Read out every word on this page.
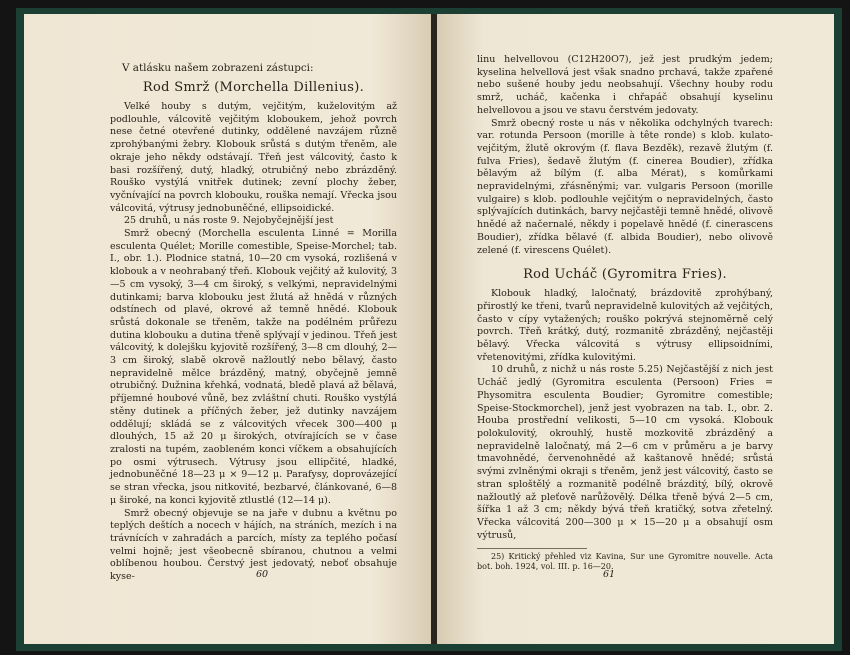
V atlásku našem zobrazeni zástupci:

Rod Smrž (Morchella Dillenius).

Velké houby s dutým, vejčitým, kuželovitým až podlouhle, válcovitě vejčitým kloboukem, jehož povrch nese četné otevřené dutinky, oddělené navzájem různě zprohýbanými žebry. Klobouk srůstá s dutým třeněm, ale okraje jeho někdy odstávají. Třeň jest válcovitý, často k basi rozšířený, dutý, hladký, otrubičný nebo zbrázděný. Rouško vystýlá vnitřek dutinek; zevní plochy žeber, vyčnívající na povrch klobouku, rouška nemají. Vřecka jsou válcovitá, výtrusy jednobuněčné, ellipsoidické.

25 druhů, u nás roste 9. Nejobyčejnější jest

Smrž obecný (Morchella esculenta Linné = Morilla esculenta Quélet; Morille comestible, Speise-Morchel; tab. I., obr. 1.). Plodnice statná, 10—20 cm vysoká, rozlišená v klobouk a v neohrabaný třeň. Klobouk vejčitý až kulovitý, 3—5 cm vysoký, 3—4 cm široký, s velkými, nepravidelnými dutinkami; barva klobouku jest žlutá až hnědá v různých odstínech od plavé, okrové až temně hnědé. Klobouk srůstá dokonale se třeněm, takže na podélném průřezu dutina klobouku a dutina třeně splývají v jedinou. Třeň jest válcovitý, k dolejšku kyjovitě rozšířený, 3—8 cm dlouhý, 2—3 cm široký, slabě okrově nažloutlý nebo bělavý, často nepravidelně mělce brázděný, matný, obyčejně jemně otrubičný. Dužnina křehká, vodnatá, bledě plavá až bělavá, příjemné houbové vůně, bez zvláštní chuti. Rouško vystýlá stěny dutinek a příčných žeber, jež dutinky navzájem oddělují; skládá se z válcovitých vřecek 300—400 μ dlouhých, 15 až 20 μ širokých, otvírajících se v čase zralosti na tupém, zaobleném konci víčkem a obsahujících po osmi výtrusech. Výtrusy jsou ellipčité, hladké, jednobuněčné 18—23 μ × 9—12 μ. Parafysy, doprovázející se stran vřecka, jsou nitkovité, bezbarvé, článkované, 6—8 μ široké, na konci kyjovitě ztlustlé (12—14 μ).

Smrž obecný objevuje se na jaře v dubnu a květnu po teplých deštích a nocech v hájích, na stráních, mezích i na trávnících v zahradách a parcích, místy za teplého počasí velmi hojně; jest všeobecně sbíranou, chutnou a velmi oblíbenou houbou. Čerstvý jest jedovatý, neboť obsahuje kyse-	60

linu helvellovou (C12H20O7), jež jest prudkým jedem; kyselina helvellová jest však snadno prchavá, takže zpařené nebo sušené houby jedu neobsahují. Všechny houby rodu smrž, ucháč, kačenka i chřapáč obsahují kyselinu helvellovou a jsou ve stavu čerstvém jedovaty.

Smrž obecný roste u nás v několika odchylných tvarech: var. rotunda Persoon (morille à tête ronde) s klob. kulato-vejčitým, žlutě okrovým (f. flava Bezděk), rezavě žlutým (f. fulva Fries), šedavě žlutým (f. cinerea Boudier), zřídka bělavým až bílým (f. alba Mérat), s komůrkami nepravidelnými, zřásněnými; var. vulgaris Persoon (morille vulgaire) s klob. podlouhle vejčitým o nepravidelných, často splývajících dutinkách, barvy nejčastěji temně hnědé, olivově hnědé až načernalé, někdy i popelavě hnědé (f. cinerascens Boudier), zřídka bělavé (f. albida Boudier), nebo olivově zelené (f. virescens Quélet).

Rod Ucháč (Gyromitra Fries).

Klobouk hladký, laločnatý, brázdovitě zprohýbaný, přirostlý ke třeni, tvarů nepravidelně kulovitých až vejčitých, často v cípy vytažených; rouško pokrývá stejnoměrně celý povrch. Třeň krátký, dutý, rozmanitě zbrázděný, nejčastěji bělavý. Vřecka válcovitá s výtrusy ellipsoidními, vřetenovitými, zřídka kulovitými.

10 druhů, z nichž u nás roste 5.25) Nejčastější z nich jest Ucháč jedlý (Gyromitra esculenta (Persoon) Fries = Physomitra esculenta Boudier; Gyromitre comestible; Speise-Stockmorchel), jenž jest vyobrazen na tab. I., obr. 2. Houba prostřední velikosti, 5—10 cm vysoká. Klobouk polokulovitý, okrouhlý, hustě mozkovitě zbrázděný a nepravidelně laločnatý, má 2—6 cm v průměru a je barvy tmavohnědé, červenohnědé až kaštanově hnědé; srůstá svými zvlněnými okraji s třeněm, jenž jest válcovitý, často se stran sploštělý a rozmanitě podélně brázditý, bílý, okrově nažloutlý až pleťově narůžovělý. Délka třeně bývá 2—5 cm, šířka 1 až 3 cm; někdy bývá třeň kratičký, sotva zřetelný. Vřecka válcovitá 200—300 μ × 15—20 μ a obsahují osm výtrusů,

25) Kritický přehled viz Kavina, Sur une Gyromitre nouvelle. Acta bot. boh. 1924, vol. III. p. 16—20.

61
